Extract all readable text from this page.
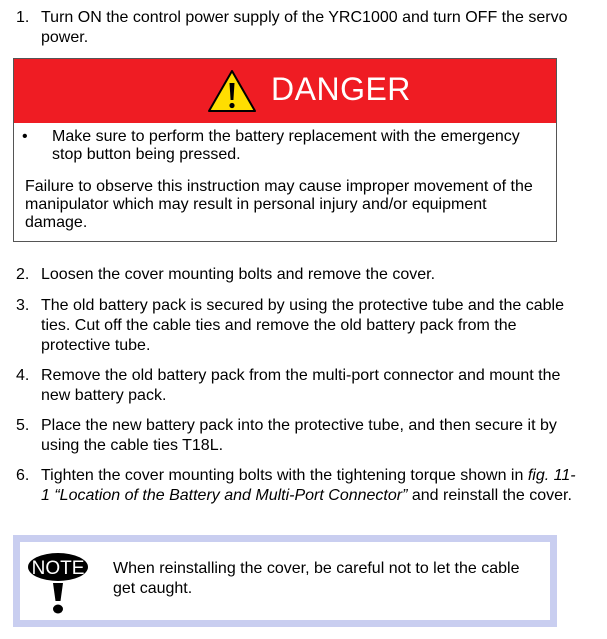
1. Turn ON the control power supply of the YRC1000 and turn OFF the servo power.
DANGER
• Make sure to perform the battery replacement with the emergency stop button being pressed.
Failure to observe this instruction may cause improper movement of the manipulator which may result in personal injury and/or equipment damage.
2. Loosen the cover mounting bolts and remove the cover.
3. The old battery pack is secured by using the protective tube and the cable ties. Cut off the cable ties and remove the old battery pack from the protective tube.
4. Remove the old battery pack from the multi-port connector and mount the new battery pack.
5. Place the new battery pack into the protective tube, and then secure it by using the cable ties T18L.
6. Tighten the cover mounting bolts with the tightening torque shown in fig. 11-1 “Location of the Battery and Multi-Port Connector” and reinstall the cover.
NOTE When reinstalling the cover, be careful not to let the cable get caught.
